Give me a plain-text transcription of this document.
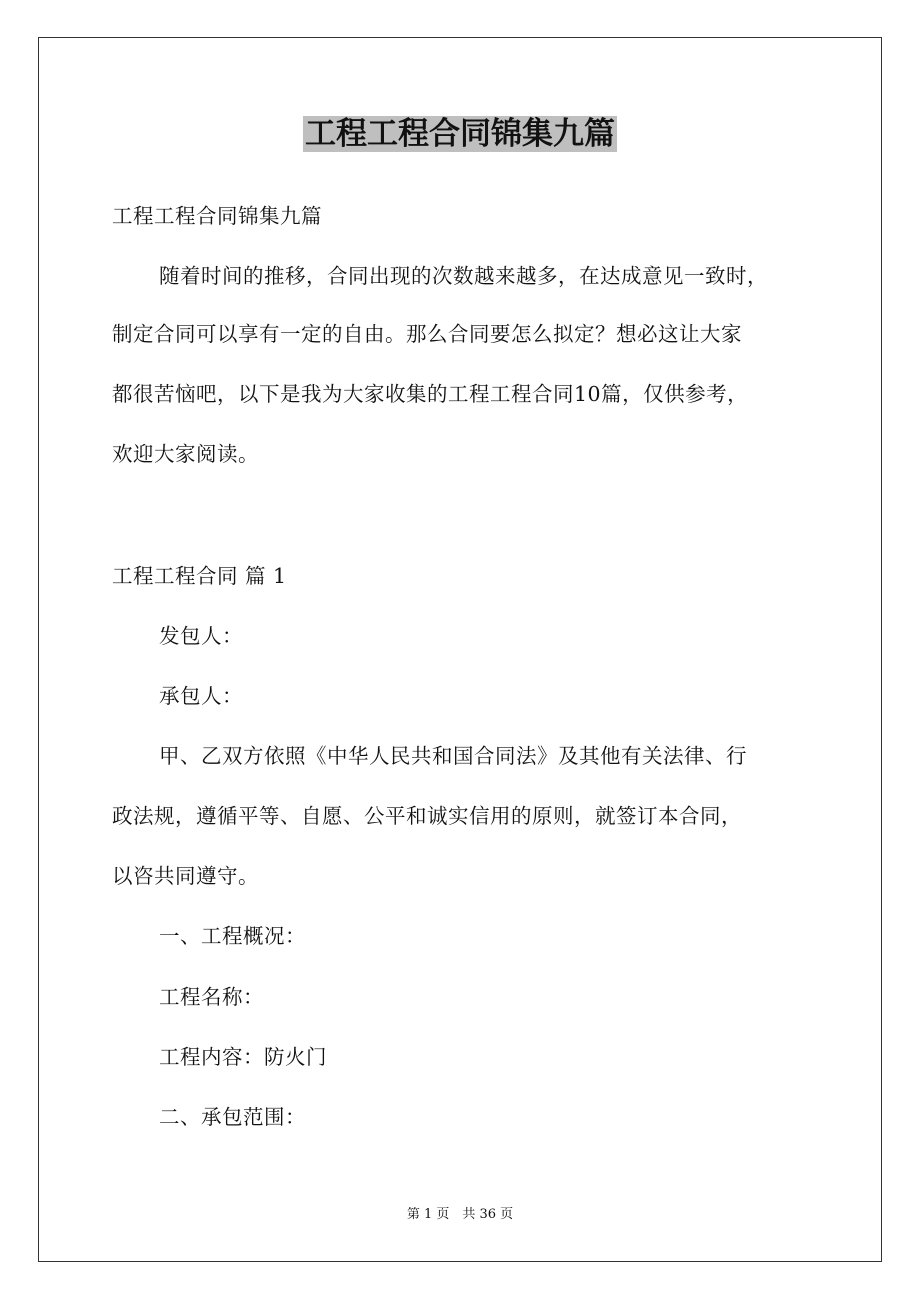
工程工程合同锦集九篇
工程工程合同锦集九篇
随着时间的推移，合同出现的次数越来越多，在达成意见一致时，
制定合同可以享有一定的自由。那么合同要怎么拟定？想必这让大家
都很苦恼吧，以下是我为大家收集的工程工程合同10篇，仅供参考，
欢迎大家阅读。
工程工程合同 篇 1
发包人：
承包人：
甲、乙双方依照《中华人民共和国合同法》及其他有关法律、行
政法规，遵循平等、自愿、公平和诚实信用的原则，就签订本合同，
以咨共同遵守。
一、工程概况：
工程名称：
工程内容：防火门
二、承包范围：
第 1 页　共 36 页
